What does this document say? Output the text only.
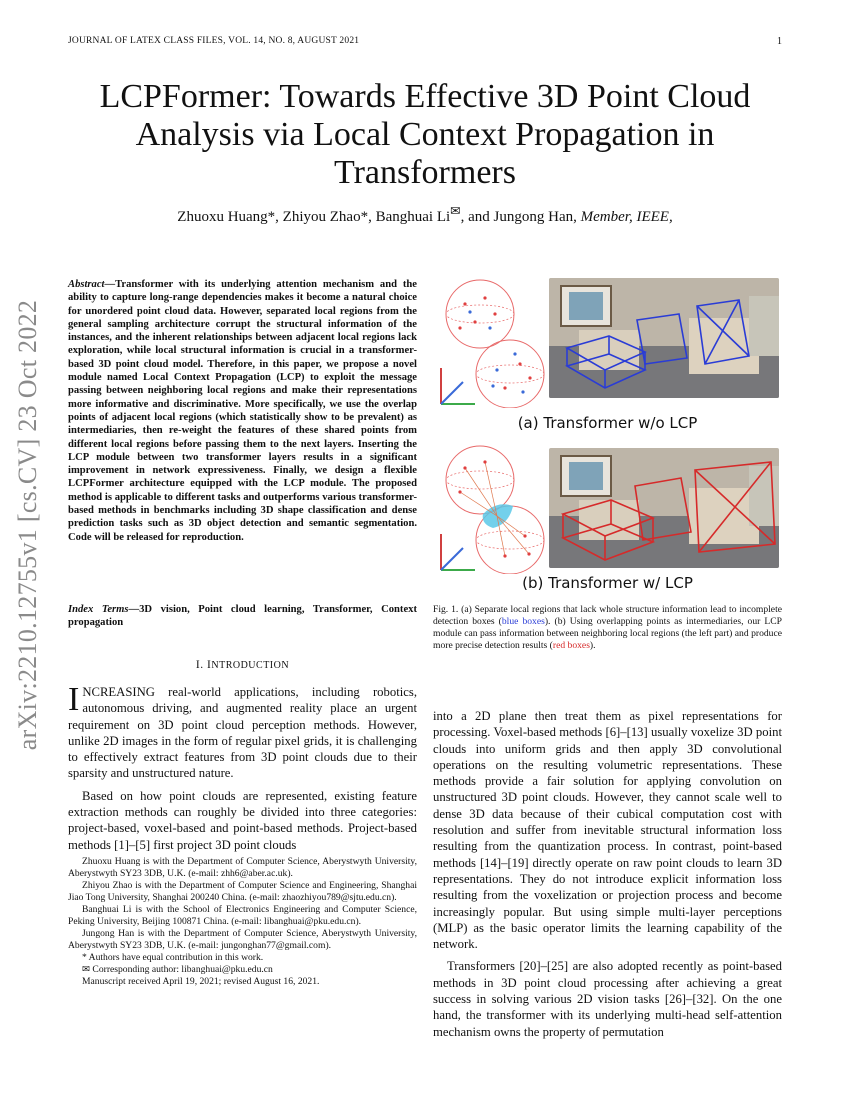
JOURNAL OF LATEX CLASS FILES, VOL. 14, NO. 8, AUGUST 2021	1
LCPFormer: Towards Effective 3D Point Cloud Analysis via Local Context Propagation in Transformers
Zhuoxu Huang*, Zhiyou Zhao*, Banghuai Li✉, and Jungong Han, Member, IEEE,
arXiv:2210.12755v1 [cs.CV] 23 Oct 2022
Abstract—Transformer with its underlying attention mechanism and the ability to capture long-range dependencies makes it become a natural choice for unordered point cloud data. However, separated local regions from the general sampling architecture corrupt the structural information of the instances, and the inherent relationships between adjacent local regions lack exploration, while local structural information is crucial in a transformer-based 3D point cloud model. Therefore, in this paper, we propose a novel module named Local Context Propagation (LCP) to exploit the message passing between neighboring local regions and make their representations more informative and discriminative. More specifically, we use the overlap points of adjacent local regions (which statistically show to be prevalent) as intermediaries, then re-weight the features of these shared points from different local regions before passing them to the next layers. Inserting the LCP module between two transformer layers results in a significant improvement in network expressiveness. Finally, we design a flexible LCPFormer architecture equipped with the LCP module. The proposed method is applicable to different tasks and outperforms various transformer-based methods in benchmarks including 3D shape classification and dense prediction tasks such as 3D object detection and semantic segmentation. Code will be released for reproduction.
Index Terms—3D vision, Point cloud learning, Transformer, Context propagation
I. INTRODUCTION

INCREASING real-world applications, including robotics, autonomous driving, and augmented reality place an urgent requirement on 3D point cloud perception methods. However, unlike 2D images in the form of regular pixel grids, it is challenging to effectively extract features from 3D point clouds due to their sparsity and unstructured nature.

Based on how point clouds are represented, existing feature extraction methods can roughly be divided into three categories: project-based, voxel-based and point-based methods. Project-based methods [1]–[5] first project 3D point clouds

Zhuoxu Huang is with the Department of Computer Science, Aberystwyth University, Aberystwyth SY23 3DB, U.K. (e-mail: zhh6@aber.ac.uk).

Zhiyou Zhao is with the Department of Computer Science and Engineering, Shanghai Jiao Tong University, Shanghai 200240 China. (e-mail: zhaozhiyou789@sjtu.edu.cn).

Banghuai Li is with the School of Electronics Engineering and Computer Science, Peking University, Beijing 100871 China. (e-mail: libanghuai@pku.edu.cn).

Jungong Han is with the Department of Computer Science, Aberystwyth University, Aberystwyth SY23 3DB, U.K. (e-mail: jungonghan77@gmail.com).

* Authors have equal contribution in this work.

✉ Corresponding author: libanghuai@pku.edu.cn

Manuscript received April 19, 2021; revised August 16, 2021.

(a) Transformer w/o LCP
(b) Transformer w/ LCP
Fig. 1. (a) Separate local regions that lack whole structure information lead to incomplete detection boxes (blue boxes). (b) Using overlapping points as intermediaries, our LCP module can pass information between neighboring local regions (the left part) and produce more precise detection results (red boxes).

into a 2D plane then treat them as pixel representations for processing. Voxel-based methods [6]–[13] usually voxelize 3D point clouds into uniform grids and then apply 3D convolutional operations on the resulting volumetric representations. These methods provide a fair solution for applying convolution on unstructured 3D point clouds. However, they cannot scale well to dense 3D data because of their cubical computation cost with resolution and suffer from inevitable structural information loss resulting from the quantization process. In contrast, point-based methods [14]–[19] directly operate on raw point clouds to learn 3D representations. They do not introduce explicit information loss resulting from the voxelization or projection process and become increasingly popular. But using simple multi-layer perceptions (MLP) as the basic operator limits the learning capability of the network.

Transformers [20]–[25] are also adopted recently as point-based methods in 3D point cloud processing after achieving a great success in solving various 2D vision tasks [26]–[32]. On the one hand, the transformer with its underlying multi-head self-attention mechanism owns the property of permutation
